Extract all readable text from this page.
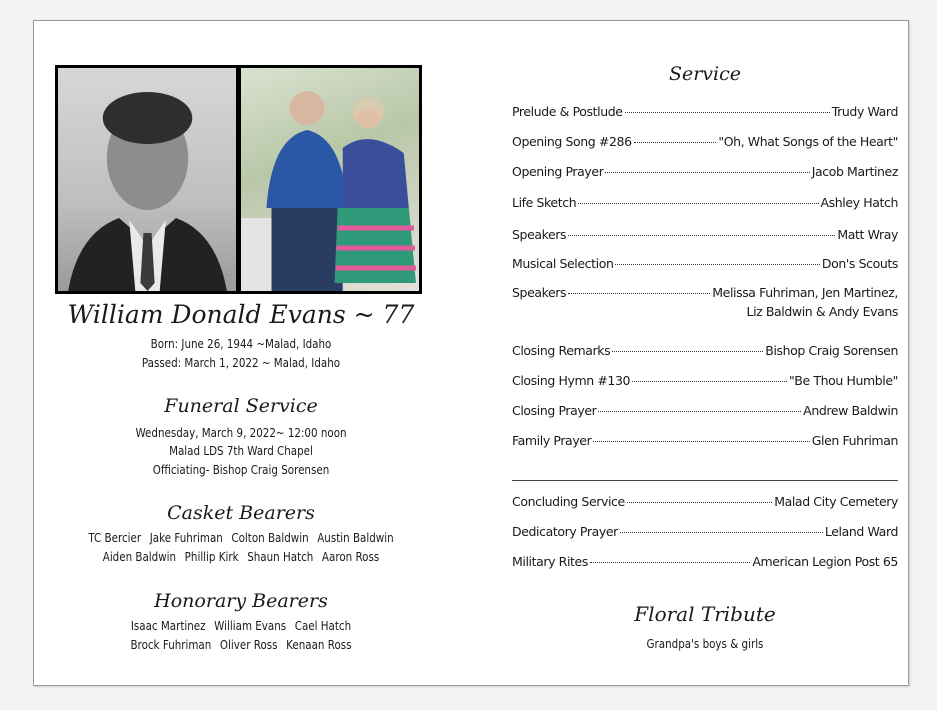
William Donald Evans ~ 77
Born: June 26, 1944 ~Malad, Idaho
Passed: March 1, 2022 ~ Malad, Idaho
Funeral Service
Wednesday, March 9, 2022~ 12:00 noon
Malad LDS 7th Ward Chapel
Officiating- Bishop Craig Sorensen
Casket Bearers
TC Bercier Jake Fuhriman Colton Baldwin Austin Baldwin
Aiden Baldwin Phillip Kirk Shaun Hatch Aaron Ross
Honorary Bearers
Isaac Martinez William Evans Cael Hatch
Brock Fuhriman Oliver Ross Kenaan Ross
Service
Prelude & Postlude	Trudy Ward
Opening Song #286	"Oh, What Songs of the Heart"
Opening Prayer	Jacob Martinez
Life Sketch	Ashley Hatch
Speakers	Matt Wray
Musical Selection	Don's Scouts
Speakers	Melissa Fuhriman, Jen Martinez,
Liz Baldwin & Andy Evans
Closing Remarks	Bishop Craig Sorensen
Closing Hymn #130	"Be Thou Humble"
Closing Prayer	Andrew Baldwin
Family Prayer	Glen Fuhriman
Concluding Service	Malad City Cemetery
Dedicatory Prayer	Leland Ward
Military Rites	American Legion Post 65
Floral Tribute
Grandpa's boys & girls
